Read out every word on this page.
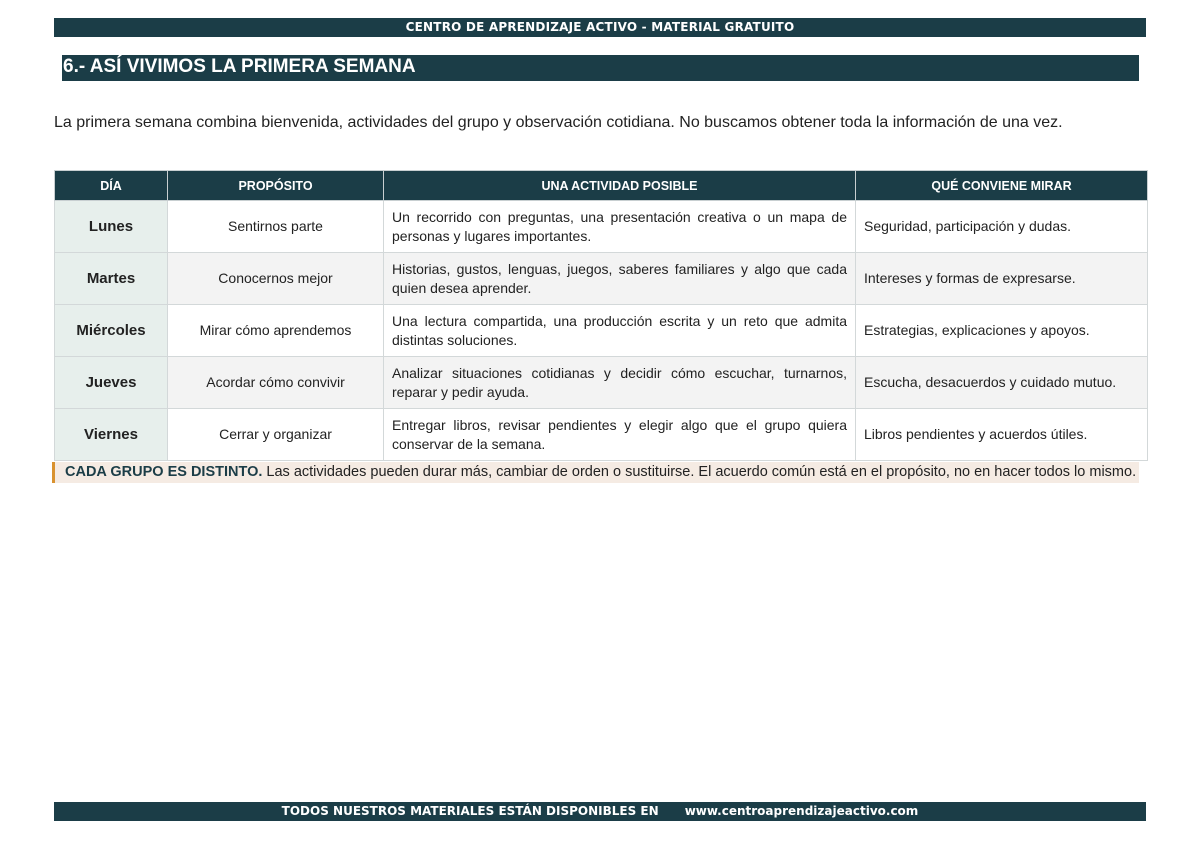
CENTRO DE APRENDIZAJE ACTIVO - MATERIAL GRATUITO
6.- ASÍ VIVIMOS LA PRIMERA SEMANA
La primera semana combina bienvenida, actividades del grupo y observación cotidiana. No buscamos obtener toda la información de una vez.
DÍA	PROPÓSITO	UNA ACTIVIDAD POSIBLE	QUÉ CONVIENE MIRAR
Lunes	Sentirnos parte	Un recorrido con preguntas, una presentación creativa o un mapa de personas y lugares importantes.	Seguridad, participación y dudas.
Martes	Conocernos mejor	Historias, gustos, lenguas, juegos, saberes familiares y algo que cada quien desea aprender.	Intereses y formas de expresarse.
Miércoles	Mirar cómo aprendemos	Una lectura compartida, una producción escrita y un reto que admita distintas soluciones.	Estrategias, explicaciones y apoyos.
Jueves	Acordar cómo convivir	Analizar situaciones cotidianas y decidir cómo escuchar, turnarnos, reparar y pedir ayuda.	Escucha, desacuerdos y cuidado mutuo.
Viernes	Cerrar y organizar	Entregar libros, revisar pendientes y elegir algo que el grupo quiera conservar de la semana.	Libros pendientes y acuerdos útiles.
CADA GRUPO ES DISTINTO. Las actividades pueden durar más, cambiar de orden o sustituirse. El acuerdo común está en el propósito, no en hacer todos lo mismo.
TODOS NUESTROS MATERIALES ESTÁN DISPONIBLES EN www.centroaprendizajeactivo.com
